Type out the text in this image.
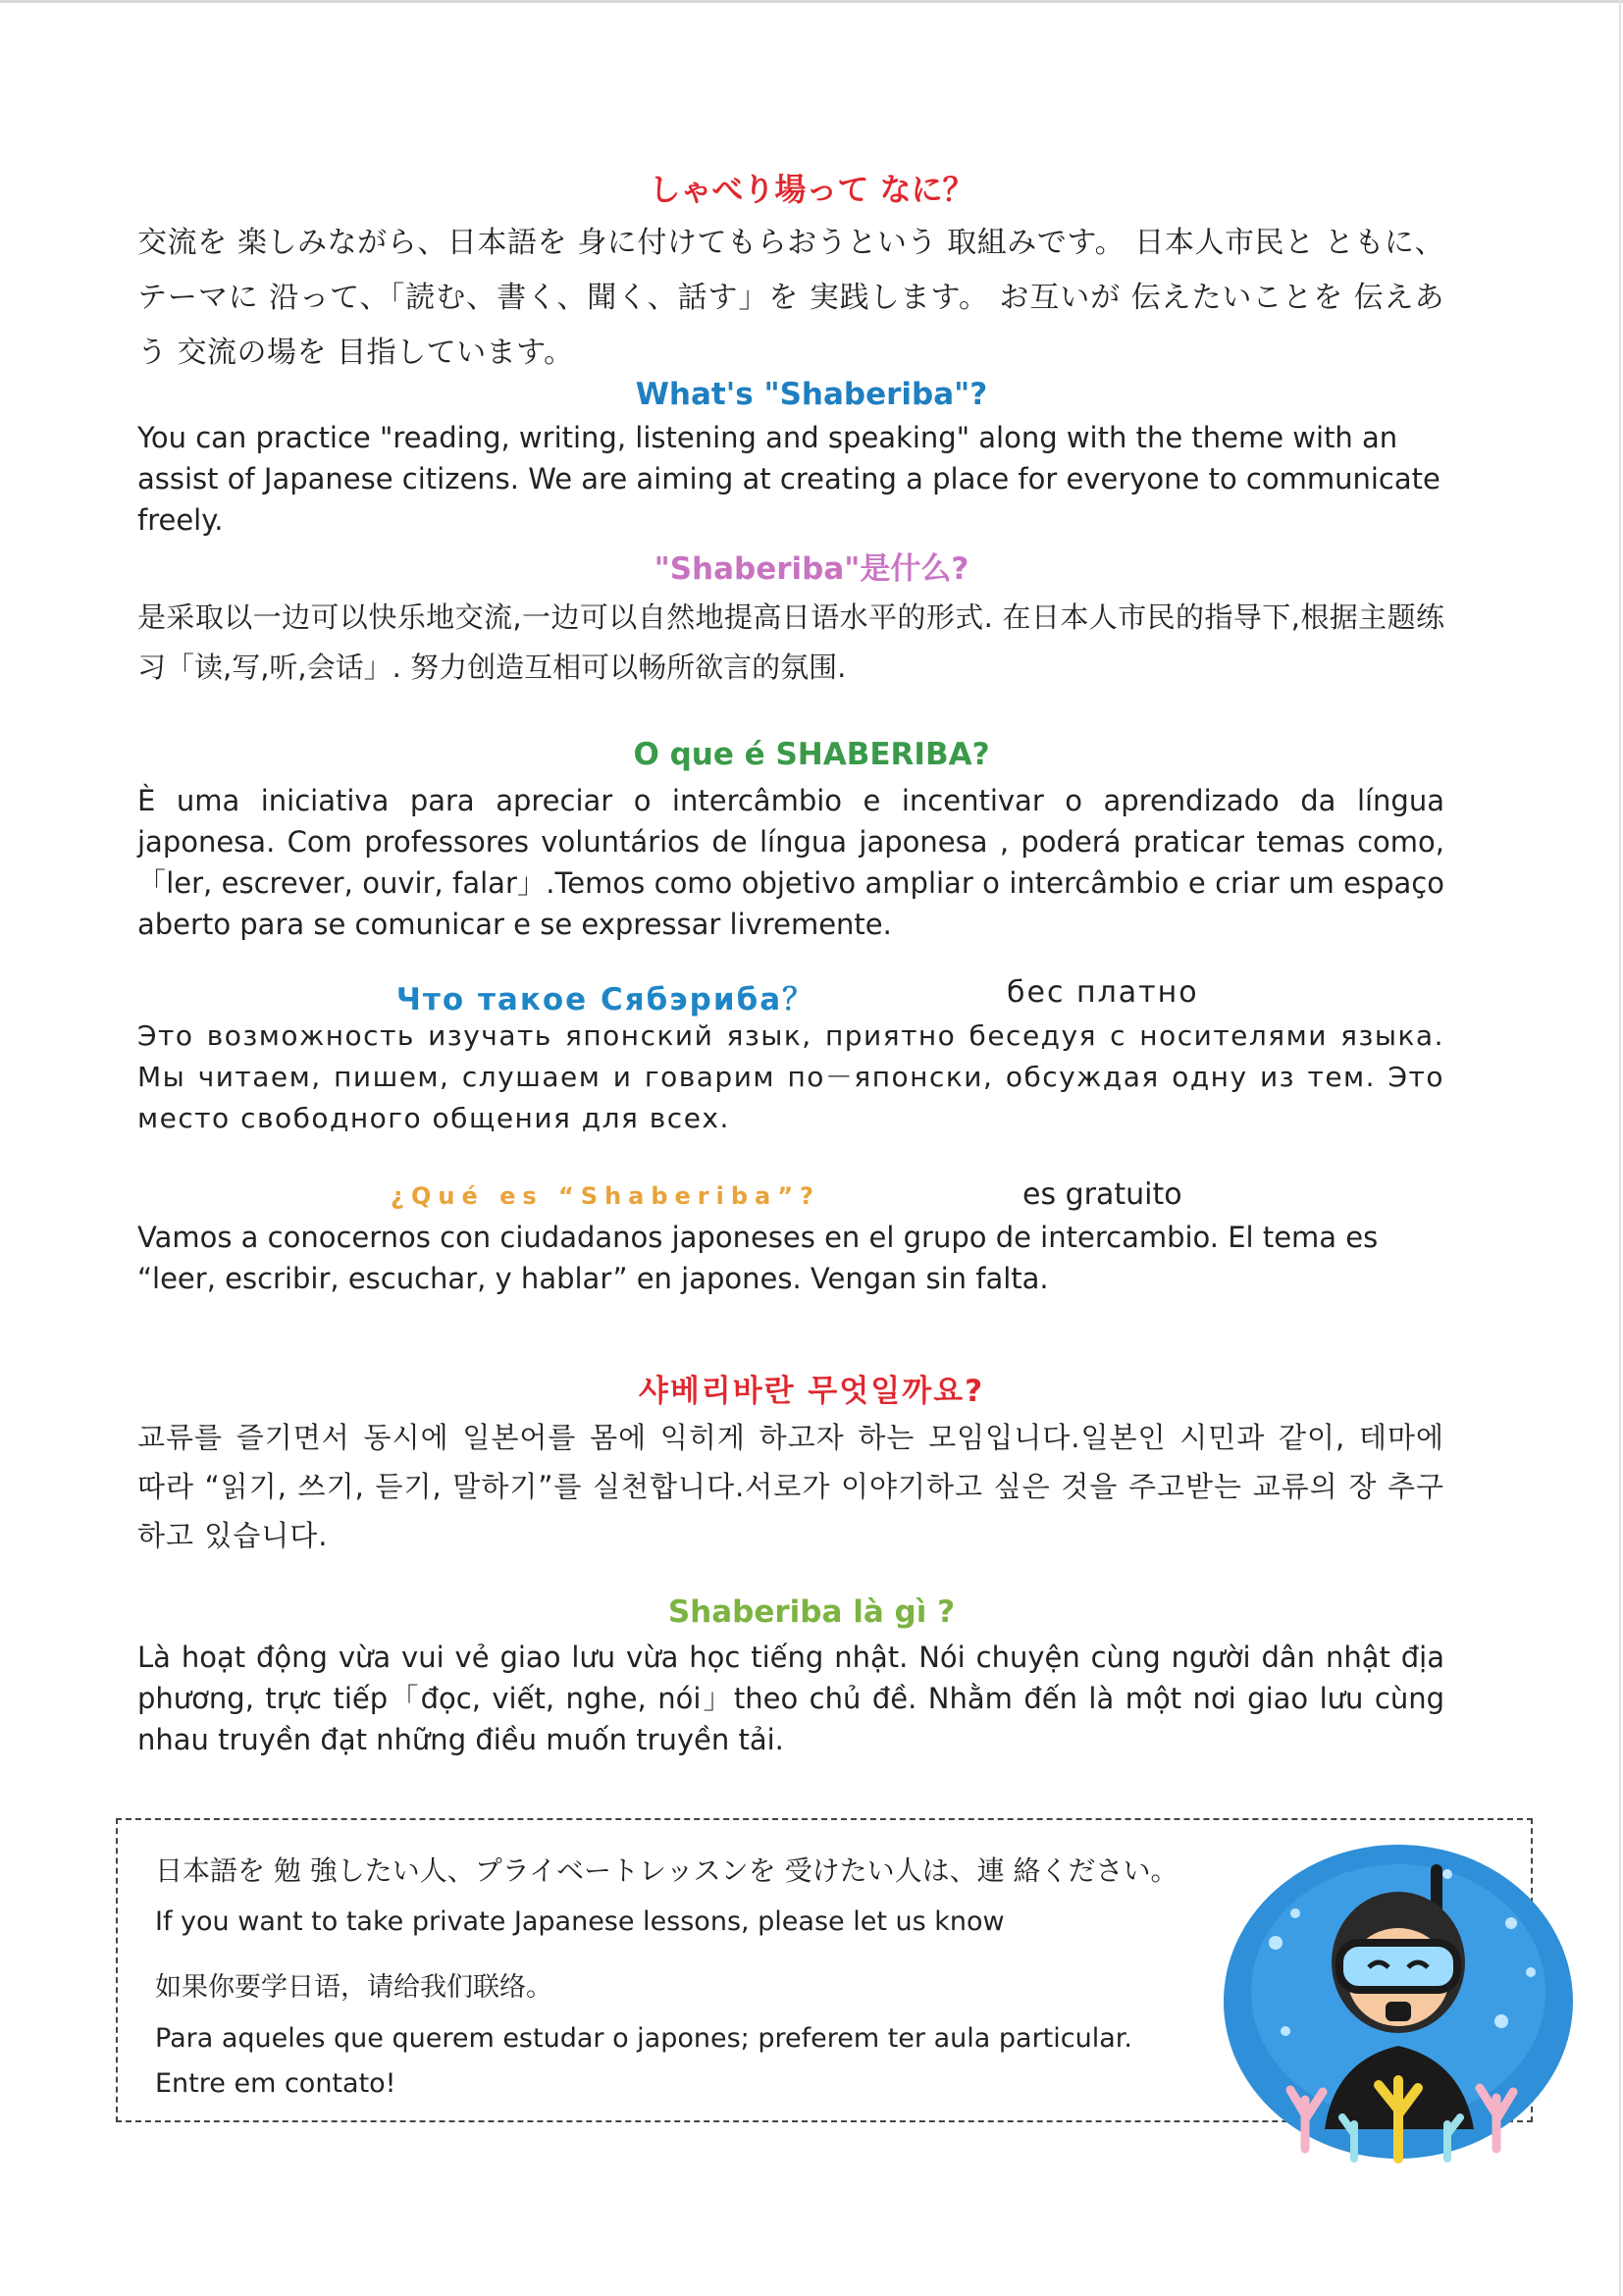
しゃべり場って なに？

交流を 楽しみながら、日本語を 身に付けてもらおうという 取組みです。 日本人市民と ともに、テーマに 沿って、「読む、書く、聞く、話す」を 実践します。 お互いが 伝えたいことを 伝えあう 交流の場を 目指しています。

What's "Shaberiba"?

You can practice "reading, writing, listening and speaking" along with the theme with an assist of Japanese citizens. We are aiming at creating a place for everyone to communicate freely.

"Shaberiba"是什么?

是采取以一边可以快乐地交流,一边可以自然地提高日语水平的形式. 在日本人市民的指导下,根据主题练习「读,写,听,会话」. 努力创造互相可以畅所欲言的氛围.

O que é SHABERIBA?

È uma iniciativa para apreciar o intercâmbio e incentivar o aprendizado da língua japonesa. Com professores voluntários de língua japonesa , poderá praticar temas como, 「ler, escrever, ouvir, falar」.Temos como objetivo ampliar o intercâmbio e criar um espaço aberto para se comunicar e se expressar livremente.

Что такое Сябэриба？	бес платно

Это возможность изучать японский язык, приятно беседуя с носителями языка. Мы читаем, пишем, слушаем и говарим по－японски, обсуждая одну из тем. Это место свободного общения для всех.

¿Qué es “Shaberiba”?	es gratuito

Vamos a conocernos con ciudadanos japoneses en el grupo de intercambio. El tema es “leer, escribir, escuchar, y hablar” en japones. Vengan sin falta.

샤베리바란 무엇일까요?

교류를 즐기면서 동시에 일본어를 몸에 익히게 하고자 하는 모임입니다.일본인 시민과 같이, 테마에 따라 “읽기, 쓰기, 듣기, 말하기”를 실천합니다.서로가 이야기하고 싶은 것을 주고받는 교류의 장 추구하고 있습니다.

Shaberiba là gì ?

Là hoạt động vừa vui vẻ giao lưu vừa học tiếng nhật. Nói chuyện cùng người dân nhật địa phương, trực tiếp「đọc, viết, nghe, nói」theo chủ đề. Nhằm đến là một nơi giao lưu cùng nhau truyền đạt những điều muốn truyền tải.

日本語を 勉 強したい人、プライベートレッスンを 受けたい人は、連 絡ください。
If you want to take private Japanese lessons, please let us know
如果你要学日语，请给我们联络。
Para aqueles que querem estudar o japones; preferem ter aula particular.
Entre em contato!
